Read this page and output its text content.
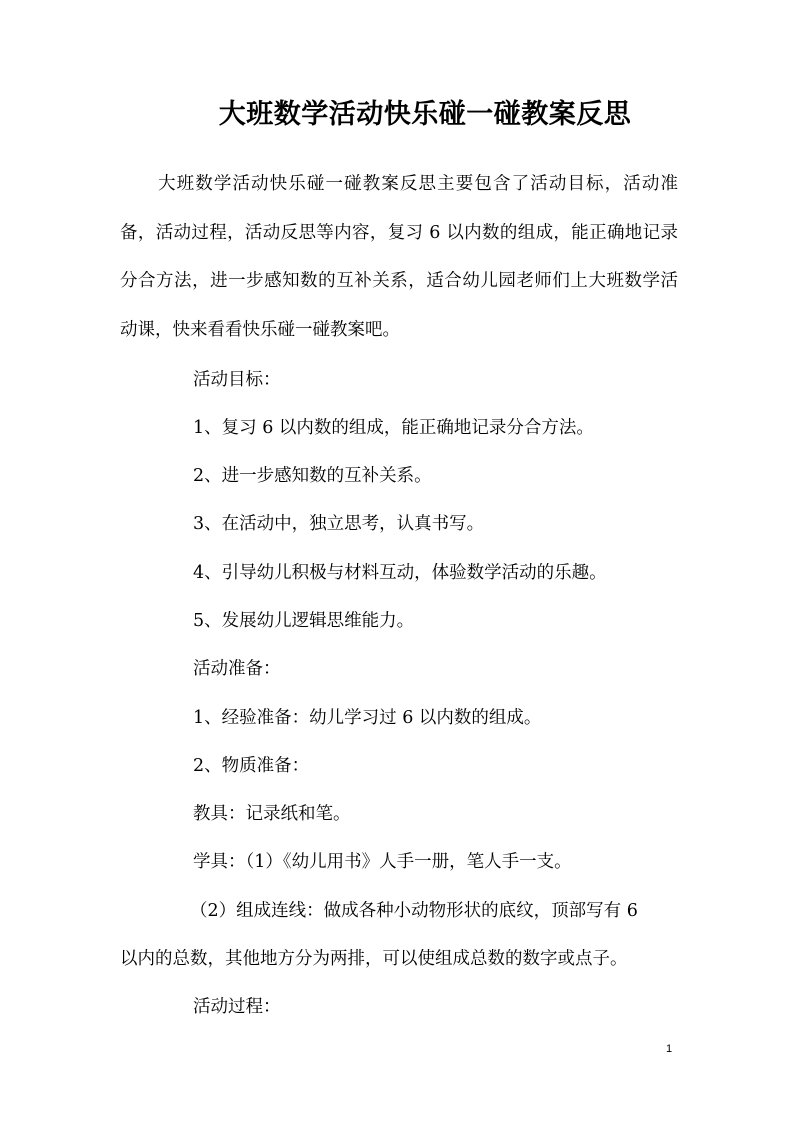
大班数学活动快乐碰一碰教案反思
大班数学活动快乐碰一碰教案反思主要包含了活动目标，活动准备，活动过程，活动反思等内容，复习 6 以内数的组成，能正确地记录分合方法，进一步感知数的互补关系，适合幼儿园老师们上大班数学活动课，快来看看快乐碰一碰教案吧。
活动目标：
1、复习 6 以内数的组成，能正确地记录分合方法。
2、进一步感知数的互补关系。
3、在活动中，独立思考，认真书写。
4、引导幼儿积极与材料互动，体验数学活动的乐趣。
5、发展幼儿逻辑思维能力。
活动准备：
1、经验准备：幼儿学习过 6 以内数的组成。
2、物质准备：
教具：记录纸和笔。
学具：（1）《幼儿用书》人手一册，笔人手一支。
（2）组成连线：做成各种小动物形状的底纹，顶部写有 6
以内的总数，其他地方分为两排，可以使组成总数的数字或点子。
活动过程：
1
